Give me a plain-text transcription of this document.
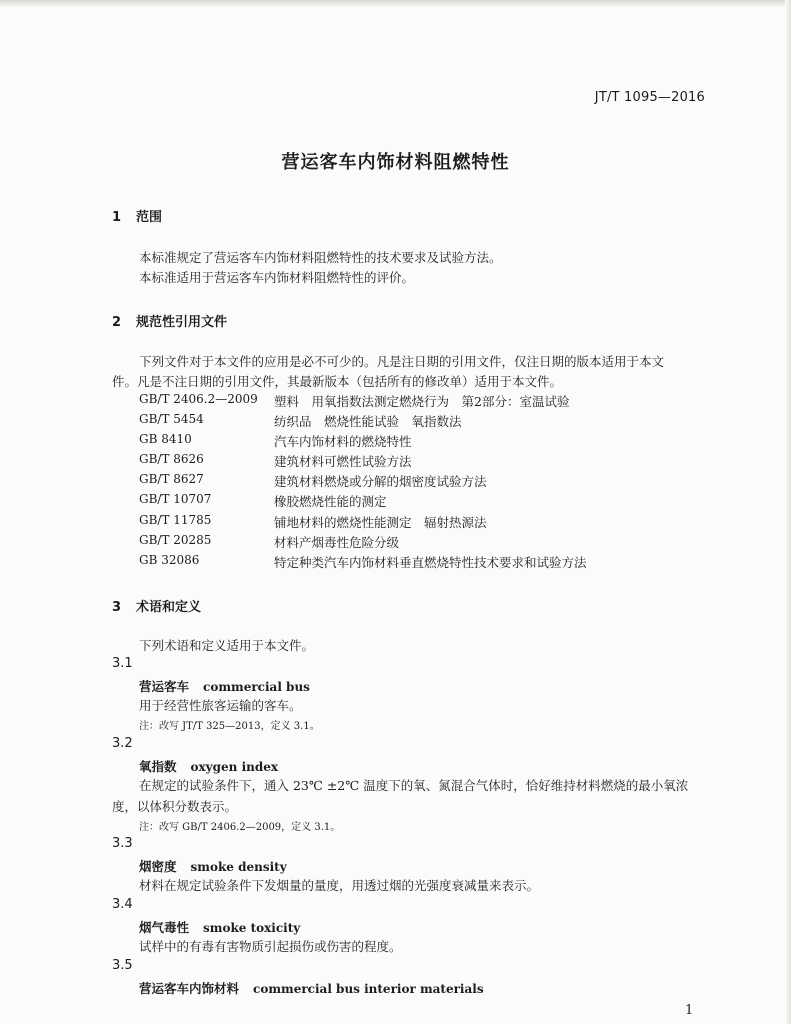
JT/T 1095—2016
营运客车内饰材料阻燃特性
1 范围
本标准规定了营运客车内饰材料阻燃特性的技术要求及试验方法。
本标准适用于营运客车内饰材料阻燃特性的评价。
2 规范性引用文件
下列文件对于本文件的应用是必不可少的。凡是注日期的引用文件，仅注日期的版本适用于本文
件。凡是不注日期的引用文件，其最新版本（包括所有的修改单）适用于本文件。
GB/T 2406.2—2009 塑料　用氧指数法测定燃烧行为　第2部分：室温试验
GB/T 5454	纺织品　燃烧性能试验　氧指数法
GB 8410	汽车内饰材料的燃烧特性
GB/T 8626	建筑材料可燃性试验方法
GB/T 8627	建筑材料燃烧或分解的烟密度试验方法
GB/T 10707	橡胶燃烧性能的测定
GB/T 11785	铺地材料的燃烧性能测定　辐射热源法
GB/T 20285	材料产烟毒性危险分级
GB 32086	特定种类汽车内饰材料垂直燃烧特性技术要求和试验方法
3 术语和定义
下列术语和定义适用于本文件。
3.1
营运客车 commercial bus
用于经营性旅客运输的客车。
注：改写 JT/T 325—2013，定义 3.1。
3.2
氧指数 oxygen index
在规定的试验条件下，通入 23℃ ±2℃ 温度下的氧、氮混合气体时，恰好维持材料燃烧的最小氧浓
度，以体积分数表示。
注：改写 GB/T 2406.2—2009，定义 3.1。
3.3
烟密度 smoke density
材料在规定试验条件下发烟量的量度，用透过烟的光强度衰减量来表示。
3.4
烟气毒性 smoke toxicity
试样中的有毒有害物质引起损伤或伤害的程度。
3.5
营运客车内饰材料 commercial bus interior materials
1
